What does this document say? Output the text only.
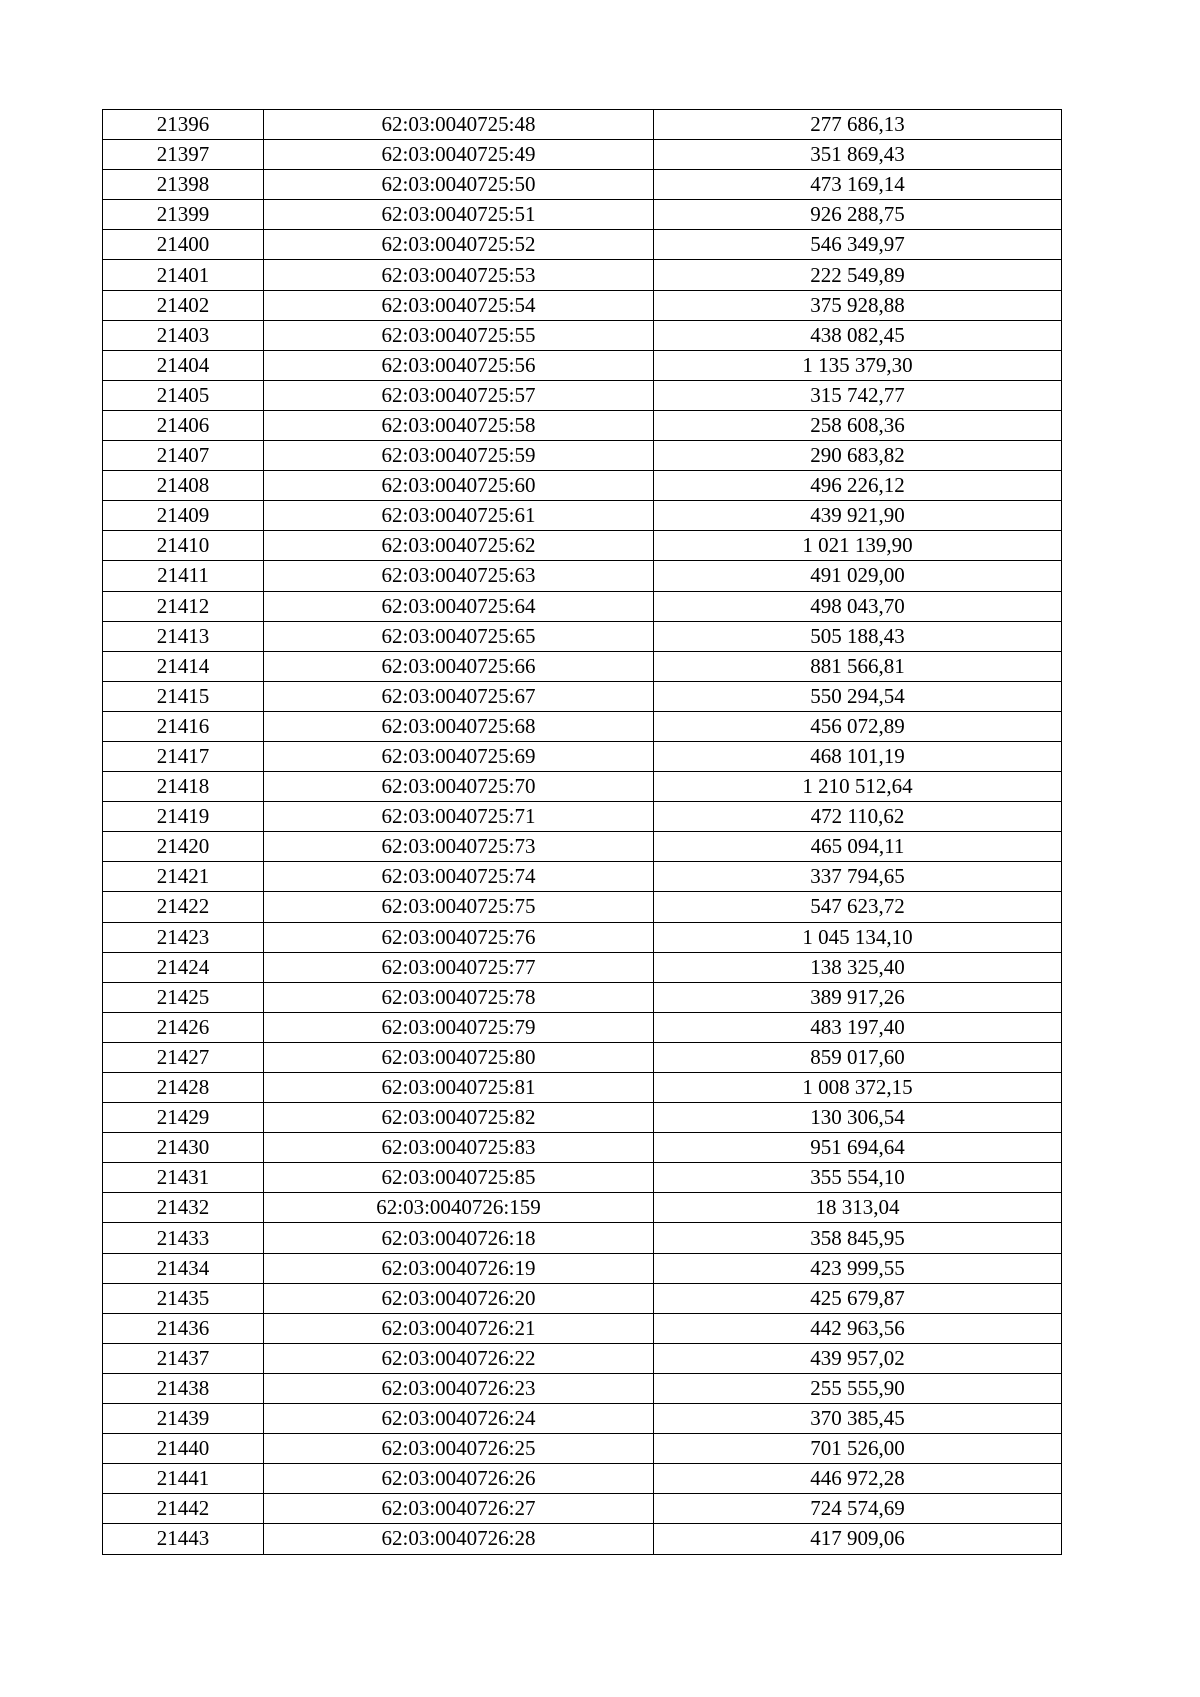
21396	62:03:0040725:48	277 686,13
21397	62:03:0040725:49	351 869,43
21398	62:03:0040725:50	473 169,14
21399	62:03:0040725:51	926 288,75
21400	62:03:0040725:52	546 349,97
21401	62:03:0040725:53	222 549,89
21402	62:03:0040725:54	375 928,88
21403	62:03:0040725:55	438 082,45
21404	62:03:0040725:56	1 135 379,30
21405	62:03:0040725:57	315 742,77
21406	62:03:0040725:58	258 608,36
21407	62:03:0040725:59	290 683,82
21408	62:03:0040725:60	496 226,12
21409	62:03:0040725:61	439 921,90
21410	62:03:0040725:62	1 021 139,90
21411	62:03:0040725:63	491 029,00
21412	62:03:0040725:64	498 043,70
21413	62:03:0040725:65	505 188,43
21414	62:03:0040725:66	881 566,81
21415	62:03:0040725:67	550 294,54
21416	62:03:0040725:68	456 072,89
21417	62:03:0040725:69	468 101,19
21418	62:03:0040725:70	1 210 512,64
21419	62:03:0040725:71	472 110,62
21420	62:03:0040725:73	465 094,11
21421	62:03:0040725:74	337 794,65
21422	62:03:0040725:75	547 623,72
21423	62:03:0040725:76	1 045 134,10
21424	62:03:0040725:77	138 325,40
21425	62:03:0040725:78	389 917,26
21426	62:03:0040725:79	483 197,40
21427	62:03:0040725:80	859 017,60
21428	62:03:0040725:81	1 008 372,15
21429	62:03:0040725:82	130 306,54
21430	62:03:0040725:83	951 694,64
21431	62:03:0040725:85	355 554,10
21432	62:03:0040726:159	18 313,04
21433	62:03:0040726:18	358 845,95
21434	62:03:0040726:19	423 999,55
21435	62:03:0040726:20	425 679,87
21436	62:03:0040726:21	442 963,56
21437	62:03:0040726:22	439 957,02
21438	62:03:0040726:23	255 555,90
21439	62:03:0040726:24	370 385,45
21440	62:03:0040726:25	701 526,00
21441	62:03:0040726:26	446 972,28
21442	62:03:0040726:27	724 574,69
21443	62:03:0040726:28	417 909,06
